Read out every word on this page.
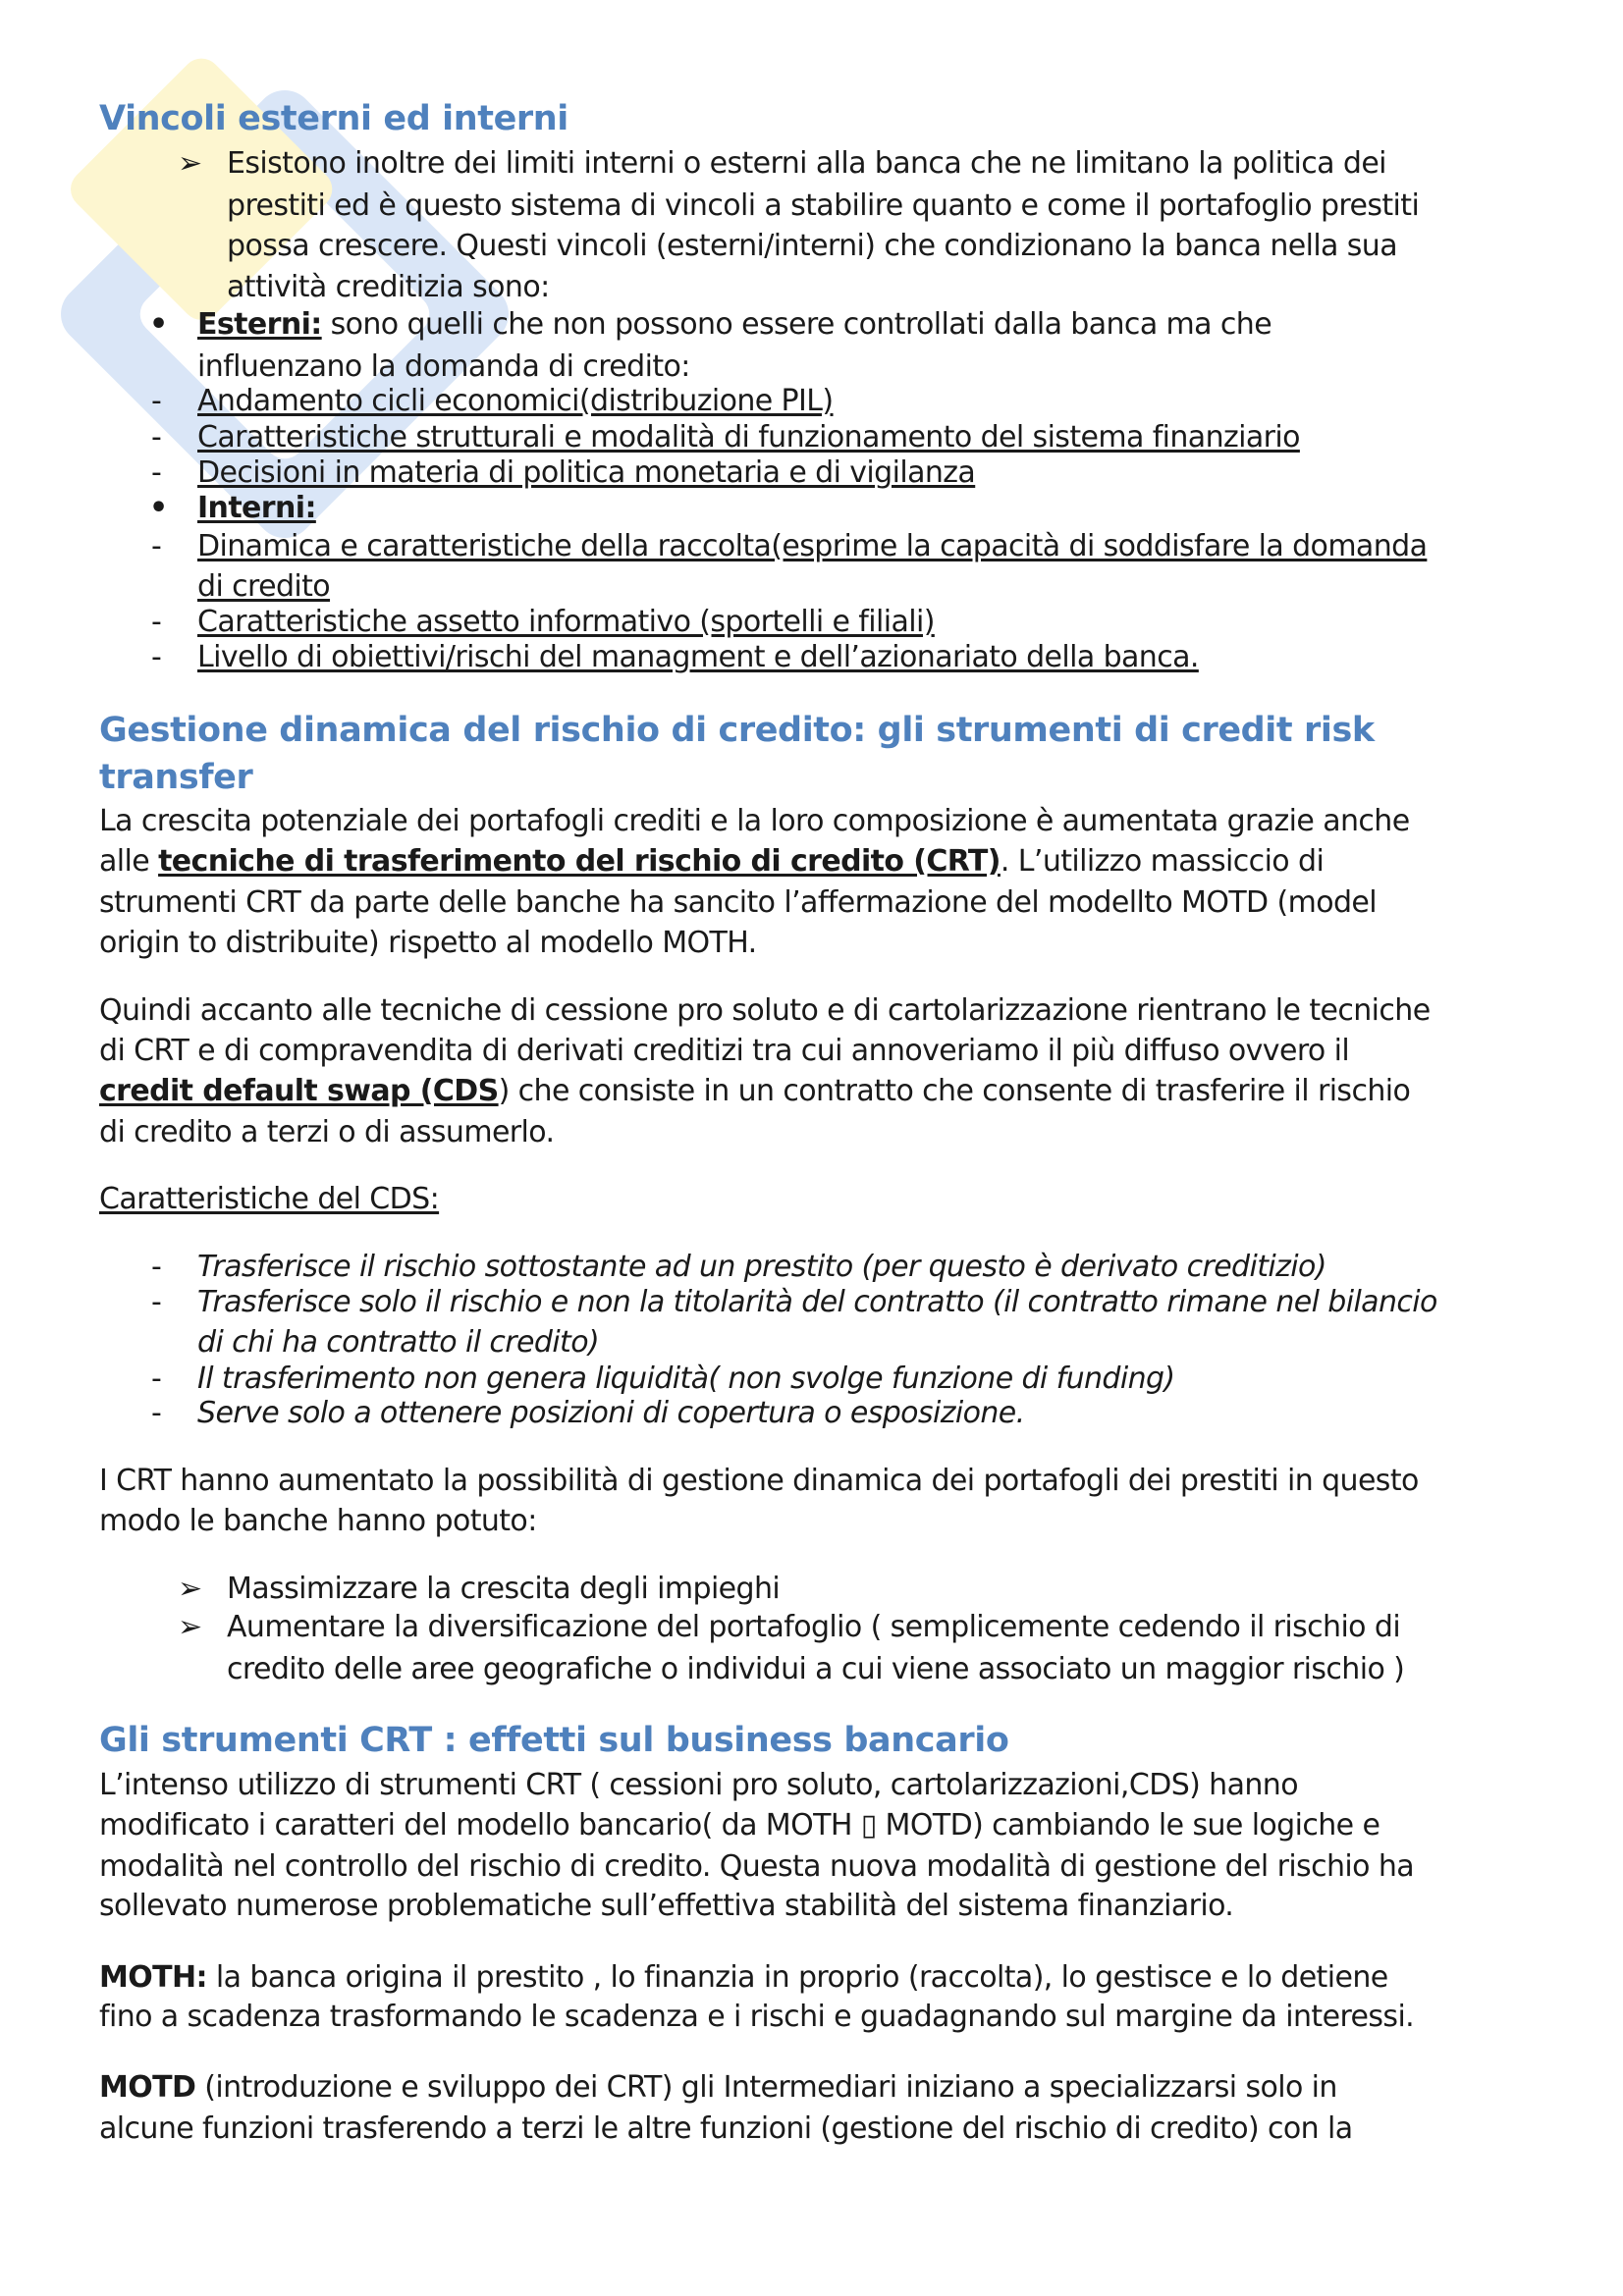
Vincoli esterni ed interni
➢ Esistono inoltre dei limiti interni o esterni alla banca che ne limitano la politica dei
prestiti ed è questo sistema di vincoli a stabilire quanto e come il portafoglio prestiti
possa crescere. Questi vincoli (esterni/interni) che condizionano la banca nella sua
attività creditizia sono:
• Esterni: sono quelli che non possono essere controllati dalla banca ma che
influenzano la domanda di credito:
- Andamento cicli economici(distribuzione PIL)
- Caratteristiche strutturali e modalità di funzionamento del sistema finanziario
- Decisioni in materia di politica monetaria e di vigilanza
• Interni:
- Dinamica e caratteristiche della raccolta(esprime la capacità di soddisfare la domanda
di credito
- Caratteristiche assetto informativo (sportelli e filiali)
- Livello di obiettivi/rischi del managment e dell’azionariato della banca.
Gestione dinamica del rischio di credito: gli strumenti di credit risk
transfer
La crescita potenziale dei portafogli crediti e la loro composizione è aumentata grazie anche
alle tecniche di trasferimento del rischio di credito (CRT). L’utilizzo massiccio di
strumenti CRT da parte delle banche ha sancito l’affermazione del modellto MOTD (model
origin to distribuite) rispetto al modello MOTH.
Quindi accanto alle tecniche di cessione pro soluto e di cartolarizzazione rientrano le tecniche
di CRT e di compravendita di derivati creditizi tra cui annoveriamo il più diffuso ovvero il
credit default swap (CDS) che consiste in un contratto che consente di trasferire il rischio
di credito a terzi o di assumerlo.
Caratteristiche del CDS:
- Trasferisce il rischio sottostante ad un prestito (per questo è derivato creditizio)
- Trasferisce solo il rischio e non la titolarità del contratto (il contratto rimane nel bilancio
di chi ha contratto il credito)
- Il trasferimento non genera liquidità( non svolge funzione di funding)
- Serve solo a ottenere posizioni di copertura o esposizione.
I CRT hanno aumentato la possibilità di gestione dinamica dei portafogli dei prestiti in questo
modo le banche hanno potuto:
➢ Massimizzare la crescita degli impieghi
➢ Aumentare la diversificazione del portafoglio ( semplicemente cedendo il rischio di
credito delle aree geografiche o individui a cui viene associato un maggior rischio )
Gli strumenti CRT : effetti sul business bancario
L’intenso utilizzo di strumenti CRT ( cessioni pro soluto, cartolarizzazioni,CDS) hanno
modificato i caratteri del modello bancario( da MOTH ▯ MOTD) cambiando le sue logiche e
modalità nel controllo del rischio di credito. Questa nuova modalità di gestione del rischio ha
sollevato numerose problematiche sull’effettiva stabilità del sistema finanziario.
MOTH: la banca origina il prestito , lo finanzia in proprio (raccolta), lo gestisce e lo detiene
fino a scadenza trasformando le scadenza e i rischi e guadagnando sul margine da interessi.
MOTD (introduzione e sviluppo dei CRT) gli Intermediari iniziano a specializzarsi solo in
alcune funzioni trasferendo a terzi le altre funzioni (gestione del rischio di credito) con la
